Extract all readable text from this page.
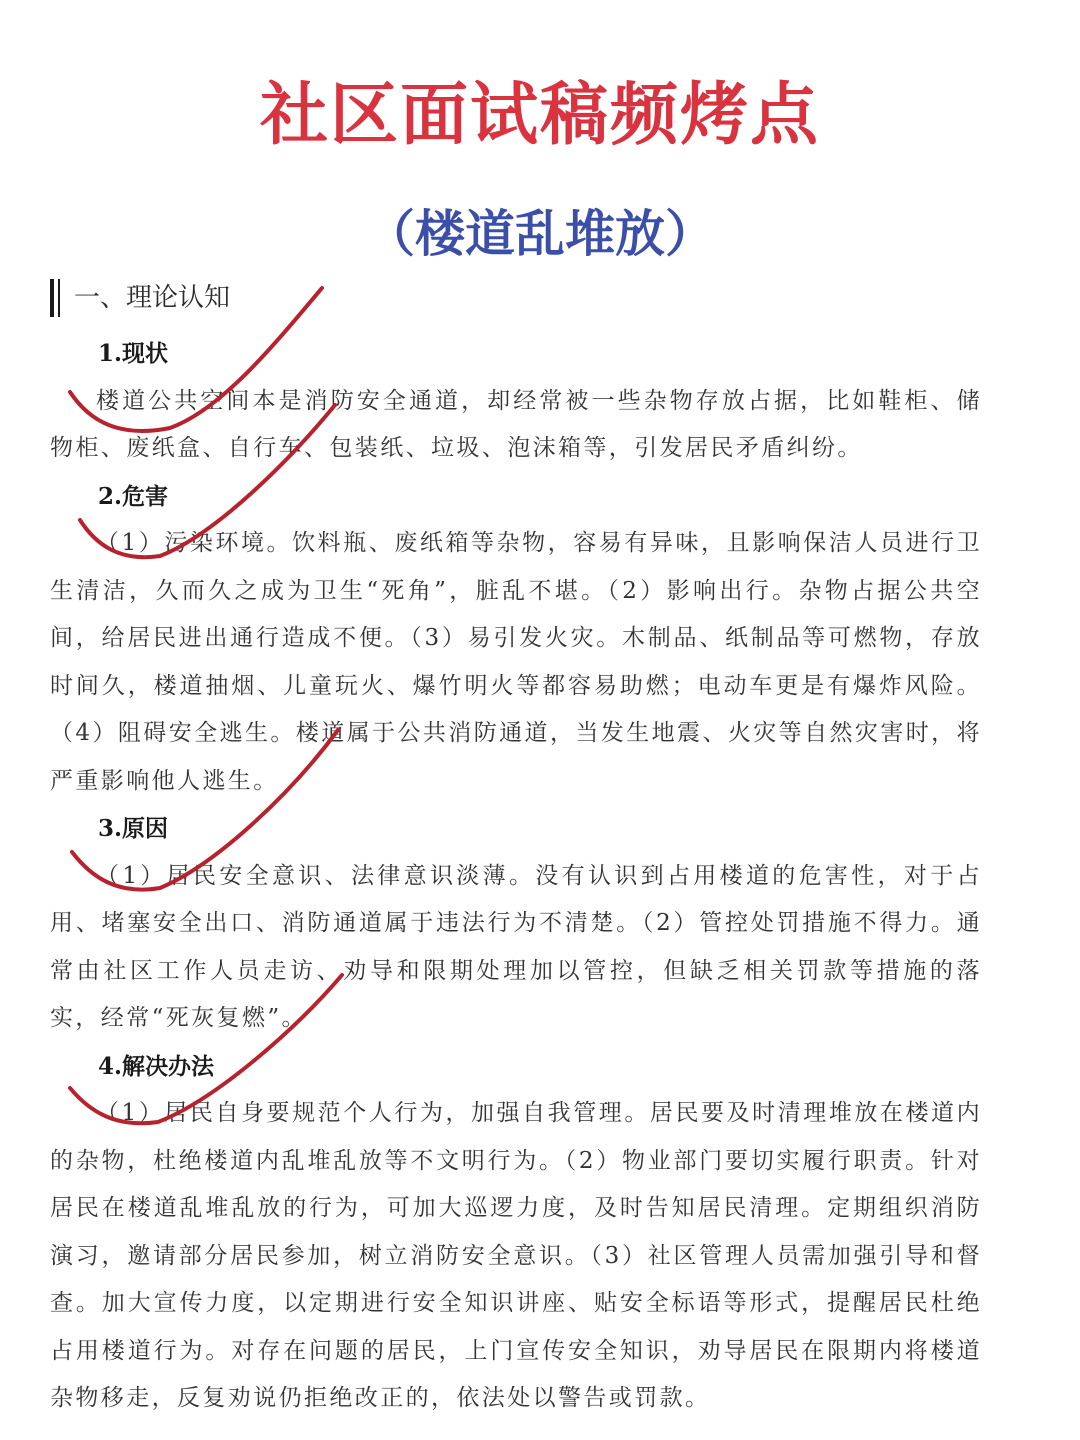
社区面试稿频烤点
（楼道乱堆放）
一、理论认知

1.现状

楼道公共空间本是消防安全通道，却经常被一些杂物存放占据，比如鞋柜、储物柜、废纸盒、自行车、包装纸、垃圾、泡沫箱等，引发居民矛盾纠纷。

2.危害

（1）污染环境。饮料瓶、废纸箱等杂物，容易有异味，且影响保洁人员进行卫生清洁，久而久之成为卫生“死角”，脏乱不堪。（2）影响出行。杂物占据公共空间，给居民进出通行造成不便。（3）易引发火灾。木制品、纸制品等可燃物，存放时间久，楼道抽烟、儿童玩火、爆竹明火等都容易助燃；电动车更是有爆炸风险。（4）阻碍安全逃生。楼道属于公共消防通道，当发生地震、火灾等自然灾害时，将严重影响他人逃生。

3.原因

（1）居民安全意识、法律意识淡薄。没有认识到占用楼道的危害性，对于占用、堵塞安全出口、消防通道属于违法行为不清楚。（2）管控处罚措施不得力。通常由社区工作人员走访、劝导和限期处理加以管控，但缺乏相关罚款等措施的落实，经常“死灰复燃”。

4.解决办法

（1）居民自身要规范个人行为，加强自我管理。居民要及时清理堆放在楼道内的杂物，杜绝楼道内乱堆乱放等不文明行为。（2）物业部门要切实履行职责。针对居民在楼道乱堆乱放的行为，可加大巡逻力度，及时告知居民清理。定期组织消防演习，邀请部分居民参加，树立消防安全意识。（3）社区管理人员需加强引导和督查。加大宣传力度，以定期进行安全知识讲座、贴安全标语等形式，提醒居民杜绝占用楼道行为。对存在问题的居民，上门宣传安全知识，劝导居民在限期内将楼道杂物移走，反复劝说仍拒绝改正的，依法处以警告或罚款。
